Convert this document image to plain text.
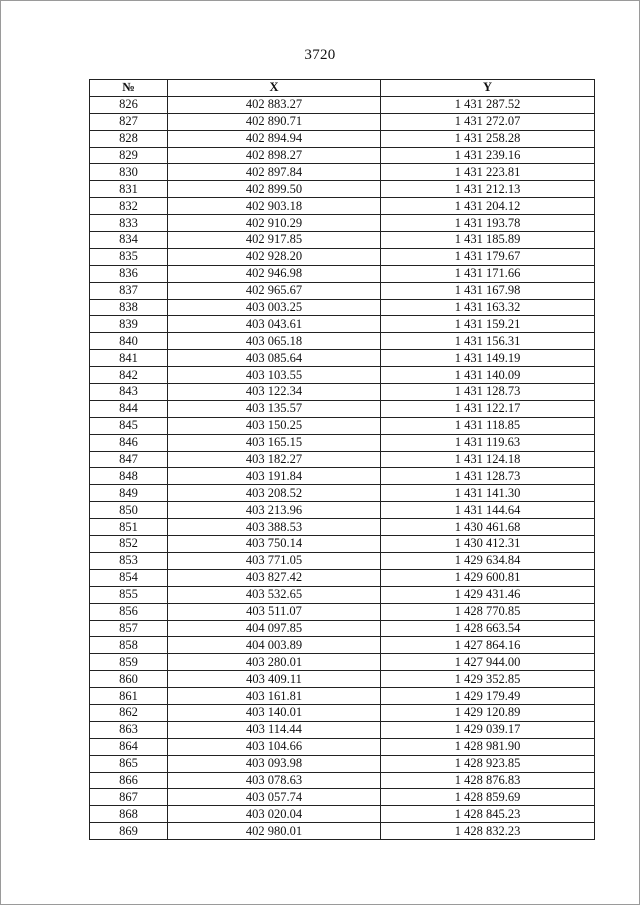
3720
№	X	Y
826	402 883.27	1 431 287.52
827	402 890.71	1 431 272.07
828	402 894.94	1 431 258.28
829	402 898.27	1 431 239.16
830	402 897.84	1 431 223.81
831	402 899.50	1 431 212.13
832	402 903.18	1 431 204.12
833	402 910.29	1 431 193.78
834	402 917.85	1 431 185.89
835	402 928.20	1 431 179.67
836	402 946.98	1 431 171.66
837	402 965.67	1 431 167.98
838	403 003.25	1 431 163.32
839	403 043.61	1 431 159.21
840	403 065.18	1 431 156.31
841	403 085.64	1 431 149.19
842	403 103.55	1 431 140.09
843	403 122.34	1 431 128.73
844	403 135.57	1 431 122.17
845	403 150.25	1 431 118.85
846	403 165.15	1 431 119.63
847	403 182.27	1 431 124.18
848	403 191.84	1 431 128.73
849	403 208.52	1 431 141.30
850	403 213.96	1 431 144.64
851	403 388.53	1 430 461.68
852	403 750.14	1 430 412.31
853	403 771.05	1 429 634.84
854	403 827.42	1 429 600.81
855	403 532.65	1 429 431.46
856	403 511.07	1 428 770.85
857	404 097.85	1 428 663.54
858	404 003.89	1 427 864.16
859	403 280.01	1 427 944.00
860	403 409.11	1 429 352.85
861	403 161.81	1 429 179.49
862	403 140.01	1 429 120.89
863	403 114.44	1 429 039.17
864	403 104.66	1 428 981.90
865	403 093.98	1 428 923.85
866	403 078.63	1 428 876.83
867	403 057.74	1 428 859.69
868	403 020.04	1 428 845.23
869	402 980.01	1 428 832.23
